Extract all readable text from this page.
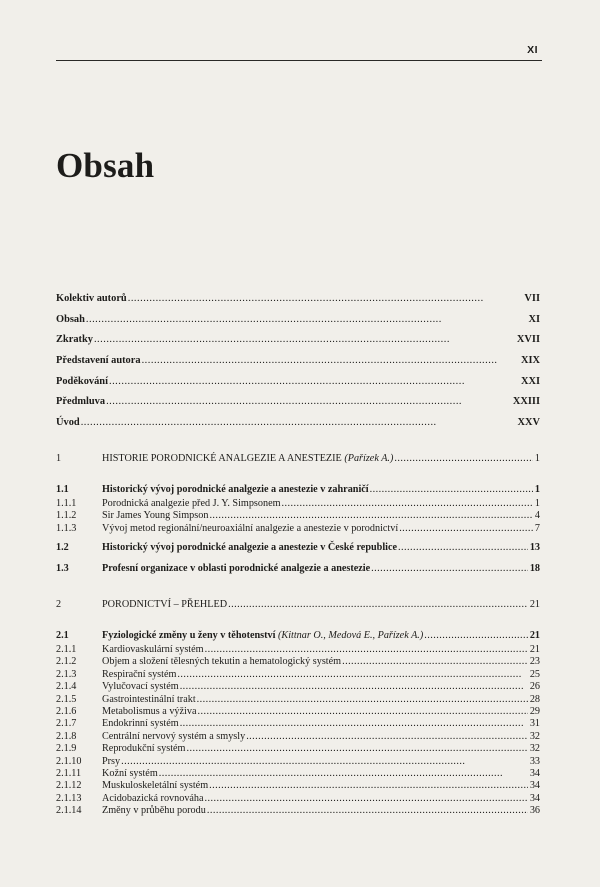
XI
Obsah
Kolektiv autorů . . .	VII
Obsah . . .	XI
Zkratky . . .	XVII
Představení autora . . .	XIX
Poděkování . . .	XXI
Předmluva . . .	XXIII
Úvod . . .	XXV
1	HISTORIE PORODNICKÉ ANALGEZIE A ANESTEZIE (Pařízek A.) . . .	1
1.1	Historický vývoj porodnické analgezie a anestezie v zahraničí . . .	1
1.1.1	Porodnická analgezie před J. Y. Simpsonem . . .	1
1.1.2	Sir James Young Simpson . . .	4
1.1.3	Vývoj metod regionální/neuroaxiální analgezie a anestezie v porodnictví . . .	7
1.2	Historický vývoj porodnické analgezie a anestezie v České republice . . .	13
1.3	Profesní organizace v oblasti porodnické analgezie a anestezie . . .	18
2	PORODNICTVÍ – PŘEHLED . . .	21
2.1	Fyziologické změny u ženy v těhotenství (Kittnar O., Medová E., Pařízek A.) . . .	21
2.1.1	Kardiovaskulární systém . . .	21
2.1.2	Objem a složení tělesných tekutin a hematologický systém . . .	23
2.1.3	Respirační systém . . .	25
2.1.4	Vylučovací systém . . .	26
2.1.5	Gastrointestinální trakt . . .	28
2.1.6	Metabolismus a výživa . . .	29
2.1.7	Endokrinní systém . . .	31
2.1.8	Centrální nervový systém a smysly . . .	32
2.1.9	Reprodukční systém . . .	32
2.1.10	Prsy . . .	33
2.1.11	Kožní systém . . .	34
2.1.12	Muskuloskeletální systém . . .	34
2.1.13	Acidobazická rovnováha . . .	34
2.1.14	Změny v průběhu porodu . . .	36
